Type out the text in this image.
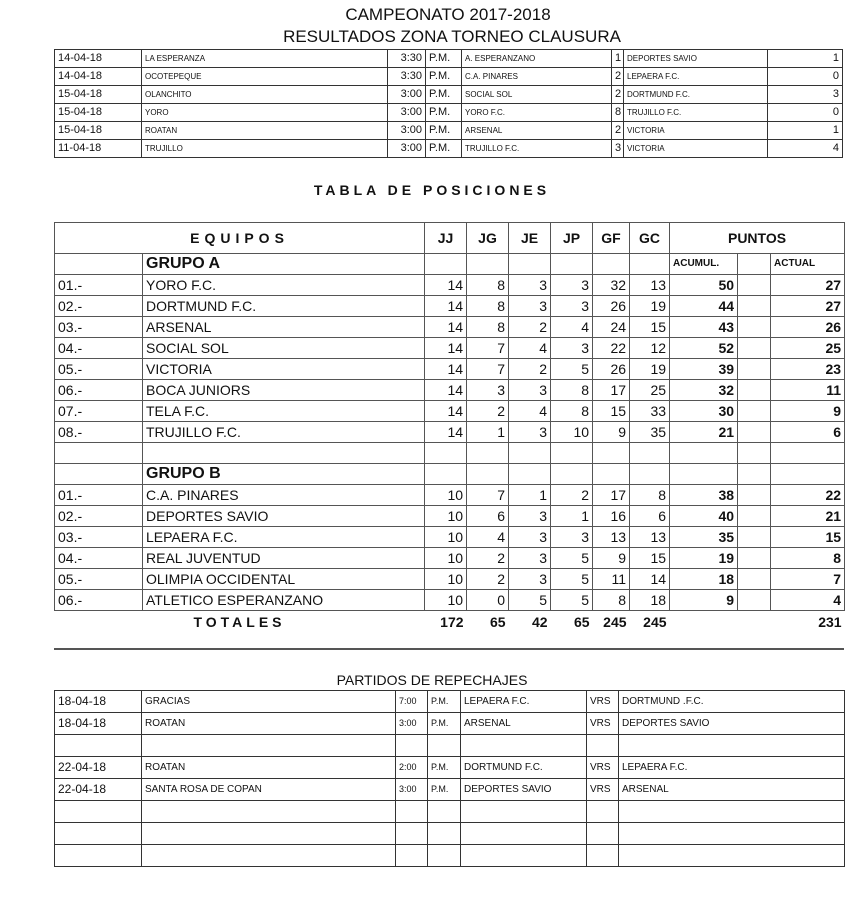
CAMPEONATO 2017-2018
RESULTADOS ZONA TORNEO CLAUSURA
14-04-18	LA ESPERANZA	3:30	P.M.	A. ESPERANZANO	1	DEPORTES SAVIO	1
14-04-18	OCOTEPEQUE	3:30	P.M.	C.A. PINARES	2	LEPAERA F.C.	0
15-04-18	OLANCHITO	3:00	P.M.	SOCIAL SOL	2	DORTMUND F.C.	3
15-04-18	YORO	3:00	P.M.	YORO F.C.	8	TRUJILLO F.C.	0
15-04-18	ROATAN	3:00	P.M.	ARSENAL	2	VICTORIA	1
11-04-18	TRUJILLO	3:00	P.M.	TRUJILLO F.C.	3	VICTORIA	4
TABLA DE POSICIONES
EQUIPOS		JJ	JG	JE	JP	GF	GC	PUNTOS		
	GRUPO A							ACUMUL.		ACTUAL
01.-	YORO F.C.	14	8	3	3	32	13	50		27
02.-	DORTMUND F.C.	14	8	3	3	26	19	44		27
03.-	ARSENAL	14	8	2	4	24	15	43		26
04.-	SOCIAL SOL	14	7	4	3	22	12	52		25
05.-	VICTORIA	14	7	2	5	26	19	39		23
06.-	BOCA JUNIORS	14	3	3	8	17	25	32		11
07.-	TELA F.C.	14	2	4	8	15	33	30		9
08.-	TRUJILLO F.C.	14	1	3	10	9	35	21		6

	GRUPO B									
01.-	C.A. PINARES	10	7	1	2	17	8	38		22
02.-	DEPORTES SAVIO	10	6	3	1	16	6	40		21
03.-	LEPAERA F.C.	10	4	3	3	13	13	35		15
04.-	REAL JUVENTUD	10	2	3	5	9	15	19		8
05.-	OLIMPIA OCCIDENTAL	10	2	3	5	11	14	18		7
06.-	ATLETICO ESPERANZANO	10	0	5	5	8	18	9		4
TOTALES		172	65	42	65	245	245			231
PARTIDOS DE REPECHAJES
18-04-18	GRACIAS	7:00	P.M.	LEPAERA F.C.	VRS	DORTMUND .F.C.
18-04-18	ROATAN	3:00	P.M.	ARSENAL	VRS	DEPORTES SAVIO

22-04-18	ROATAN	2:00	P.M.	DORTMUND F.C.	VRS	LEPAERA F.C.
22-04-18	SANTA ROSA DE COPAN	3:00	P.M.	DEPORTES SAVIO	VRS	ARSENAL
